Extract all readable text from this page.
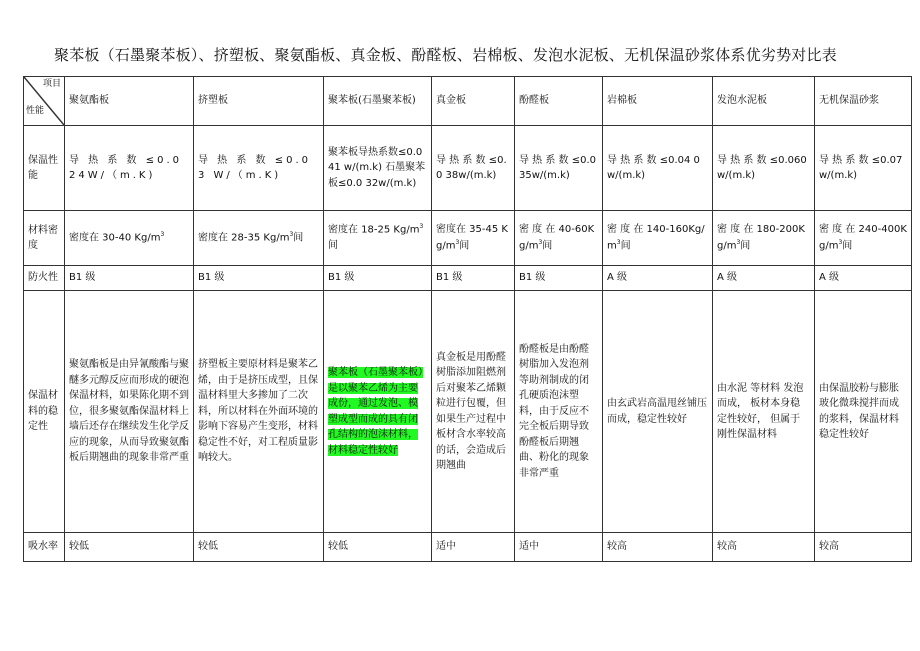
聚苯板（石墨聚苯板）、挤塑板、聚氨酯板、真金板、酚醛板、岩棉板、发泡水泥板、无机保温砂浆体系优劣势对比表
项目
性能	聚氨酯板	挤塑板	聚苯板(石墨聚苯板)	真金板	酚醛板	岩棉板	发泡水泥板	无机保温砂浆
保温性能	导 热 系 数 ≤0.024W/（m.K)	导 热 系 数 ≤0.03 W/（m.K)	聚苯板导热系数≤0.041 w/(m.k) 石墨聚苯板≤0.0 32w/(m.k)	导 热 系 数 ≤0.0 38w/(m.k)	导 热 系 数 ≤0.0 35w/(m.k)	导 热 系 数 ≤0.04 0w/(m.k)	导 热 系 数 ≤0.060w/(m.k)	导 热 系 数 ≤0.07 w/(m.k)
材料密度	密度在 30-40 $Kg/m^3$	密度在 28-35 $Kg/m^3$间	密度在 18-25 $Kg/m^3$间	密度在 35-45 $Kg/m^3$间	密 度 在 $40-60Kg/m^3$间	密 度 在 $140-160Kg/m^3$间	密 度 在 $180-200Kg/m^3$间	密 度 在 $240-400Kg/m^3$间
防火性	B1 级	B1 级	B1 级	B1 级	B1 级	A 级	A 级	A 级
保温材料的稳定性	聚氨酯板是由异氰酸酯与聚醚多元醇反应而形成的硬泡保温材料，如果陈化期不到位，很多聚氨酯保温材料上墙后还存在继续发生化学反应的现象，从而导致聚氨酯板后期翘曲的现象非常严重	挤塑板主要原材料是聚苯乙烯，由于是挤压成型，且保温材料里大多掺加了二次料，所以材料在外面环境的影响下容易产生变形，材料稳定性不好，对工程质量影响较大。	聚苯板（石墨聚苯板）是以聚苯乙烯为主要成份，通过发泡、模塑成型而成的具有闭孔结构的泡沫材料，材料稳定性较好	真金板是用酚醛树脂添加阻燃剂后对聚苯乙烯颗粒进行包覆，但如果生产过程中板材含水率较高的话，会造成后期翘曲	酚醛板是由酚醛树脂加入发泡剂等助剂制成的闭孔硬质泡沫塑料，由于反应不完全板后期导致酚醛板后期翘曲、粉化的现象非常严重	由玄武岩高温甩丝铺压而成，稳定性较好	由水泥 等材料 发泡而成， 板材本身稳定性较好， 但属于刚性保温材料	由保温胶粉与膨胀玻化微珠搅拌而成的浆料，保温材料稳定性较好
吸水率	较低	较低	较低	适中	适中	较高	较高	较高
